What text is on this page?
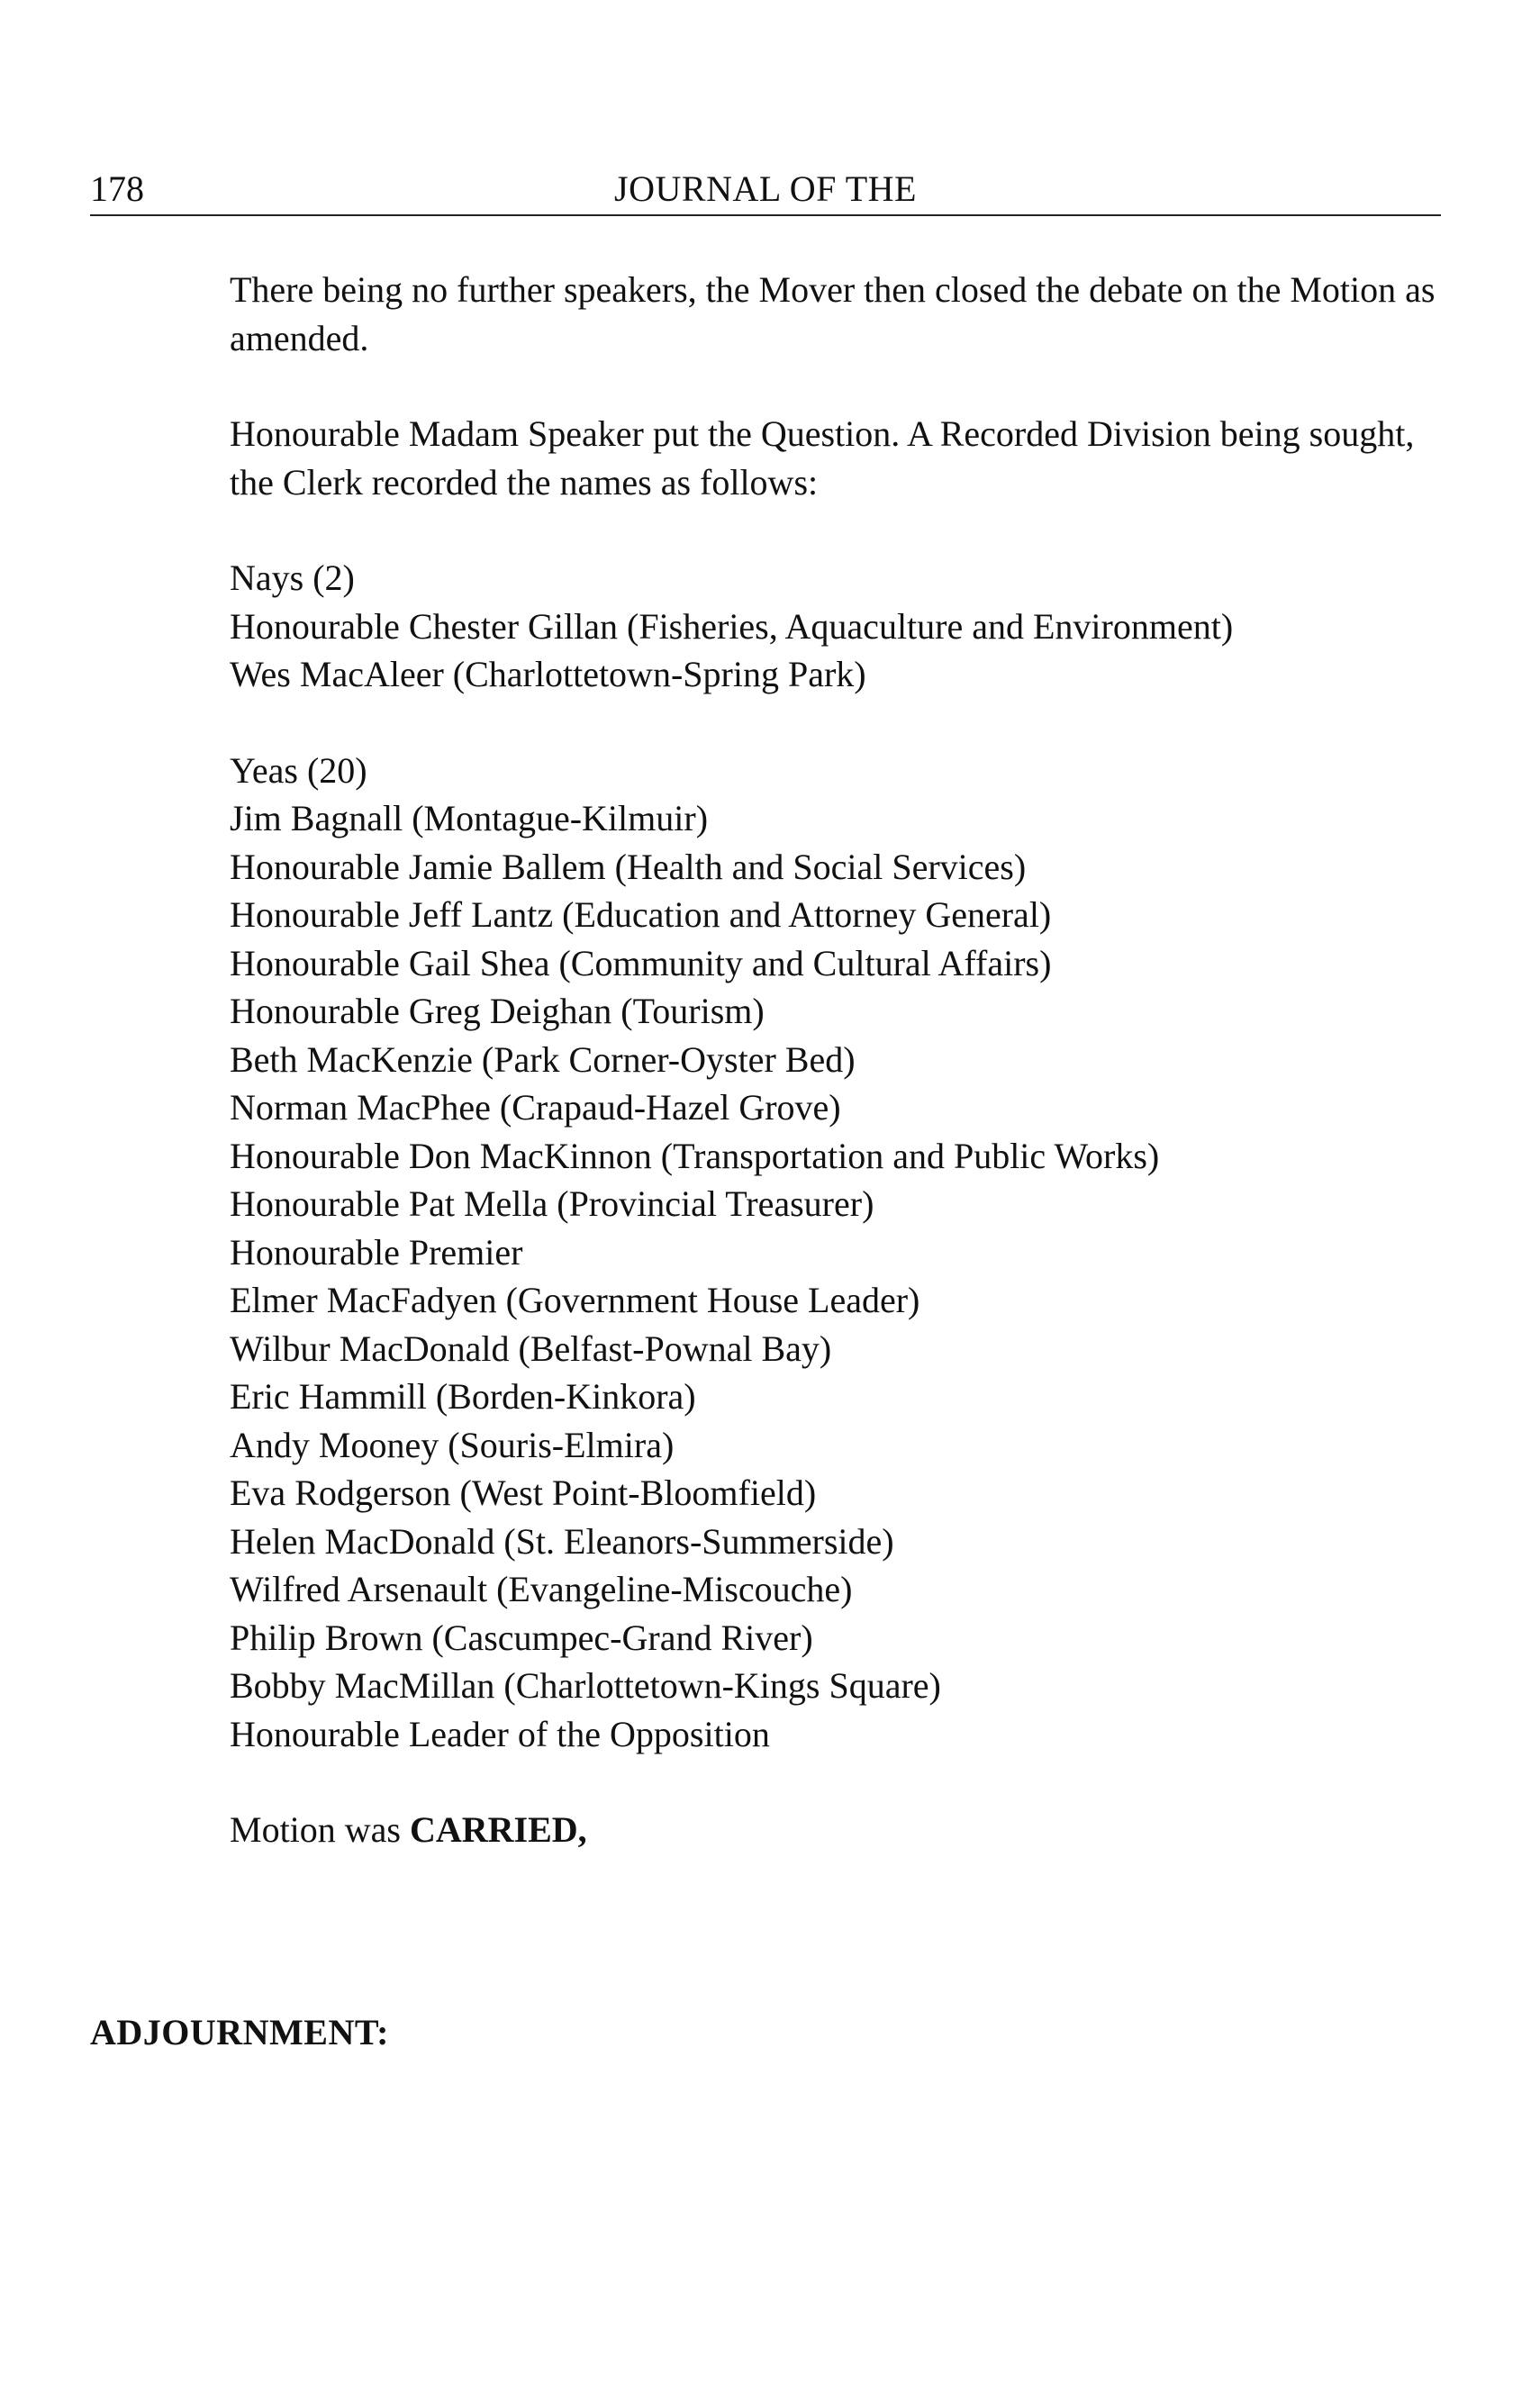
178	JOURNAL OF THE

There being no further speakers, the Mover then closed the debate on the Motion as amended.

Honourable Madam Speaker put the Question. A Recorded Division being sought, the Clerk recorded the names as follows:

Nays (2)

Honourable Chester Gillan (Fisheries, Aquaculture and Environment)
Wes MacAleer (Charlottetown-Spring Park)

Yeas (20)

Jim Bagnall (Montague-Kilmuir)
Honourable Jamie Ballem (Health and Social Services)
Honourable Jeff Lantz (Education and Attorney General)
Honourable Gail Shea (Community and Cultural Affairs)
Honourable Greg Deighan (Tourism)
Beth MacKenzie (Park Corner-Oyster Bed)
Norman MacPhee (Crapaud-Hazel Grove)
Honourable Don MacKinnon (Transportation and Public Works)
Honourable Pat Mella (Provincial Treasurer)
Honourable Premier
Elmer MacFadyen (Government House Leader)
Wilbur MacDonald (Belfast-Pownal Bay)
Eric Hammill (Borden-Kinkora)
Andy Mooney (Souris-Elmira)
Eva Rodgerson (West Point-Bloomfield)
Helen MacDonald (St. Eleanors-Summerside)
Wilfred Arsenault (Evangeline-Miscouche)
Philip Brown (Cascumpec-Grand River)
Bobby MacMillan (Charlottetown-Kings Square)
Honourable Leader of the Opposition

Motion was CARRIED,

ADJOURNMENT:
